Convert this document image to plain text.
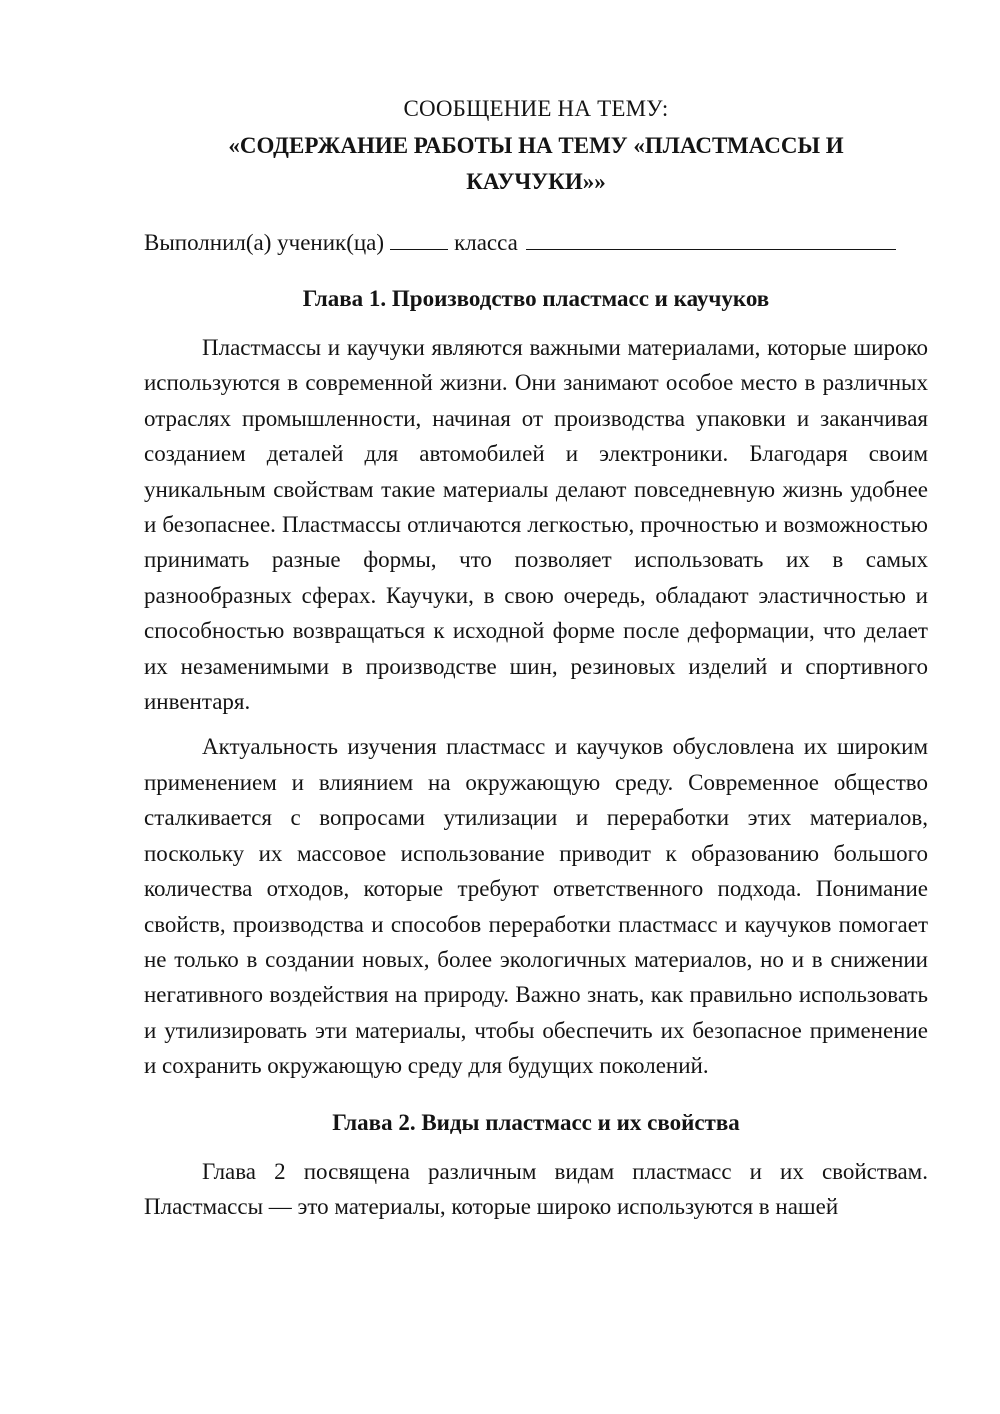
СООБЩЕНИЕ НА ТЕМУ:

«СОДЕРЖАНИЕ РАБОТЫ НА ТЕМУ «ПЛАСТМАССЫ И КАУЧУКИ»»

Выполнил(а) ученик(ца)	класса
Глава 1. Производство пластмасс и каучуков

Пластмассы и каучуки являются важными материалами, которые широко используются в современной жизни. Они занимают особое место в различных отраслях промышленности, начиная от производства упаковки и заканчивая созданием деталей для автомобилей и электроники. Благодаря своим уникальным свойствам такие материалы делают повседневную жизнь удобнее и безопаснее. Пластмассы отличаются легкостью, прочностью и возможностью принимать разные формы, что позволяет использовать их в самых разнообразных сферах. Каучуки, в свою очередь, обладают эластичностью и способностью возвращаться к исходной форме после деформации, что делает их незаменимыми в производстве шин, резиновых изделий и спортивного инвентаря.

Актуальность изучения пластмасс и каучуков обусловлена их широким применением и влиянием на окружающую среду. Современное общество сталкивается с вопросами утилизации и переработки этих материалов, поскольку их массовое использование приводит к образованию большого количества отходов, которые требуют ответственного подхода. Понимание свойств, производства и способов переработки пластмасс и каучуков помогает не только в создании новых, более экологичных материалов, но и в снижении негативного воздействия на природу. Важно знать, как правильно использовать и утилизировать эти материалы, чтобы обеспечить их безопасное применение и сохранить окружающую среду для будущих поколений.

Глава 2. Виды пластмасс и их свойства

Глава 2 посвящена различным видам пластмасс и их свойствам. Пластмассы — это материалы, которые широко используются в нашей
